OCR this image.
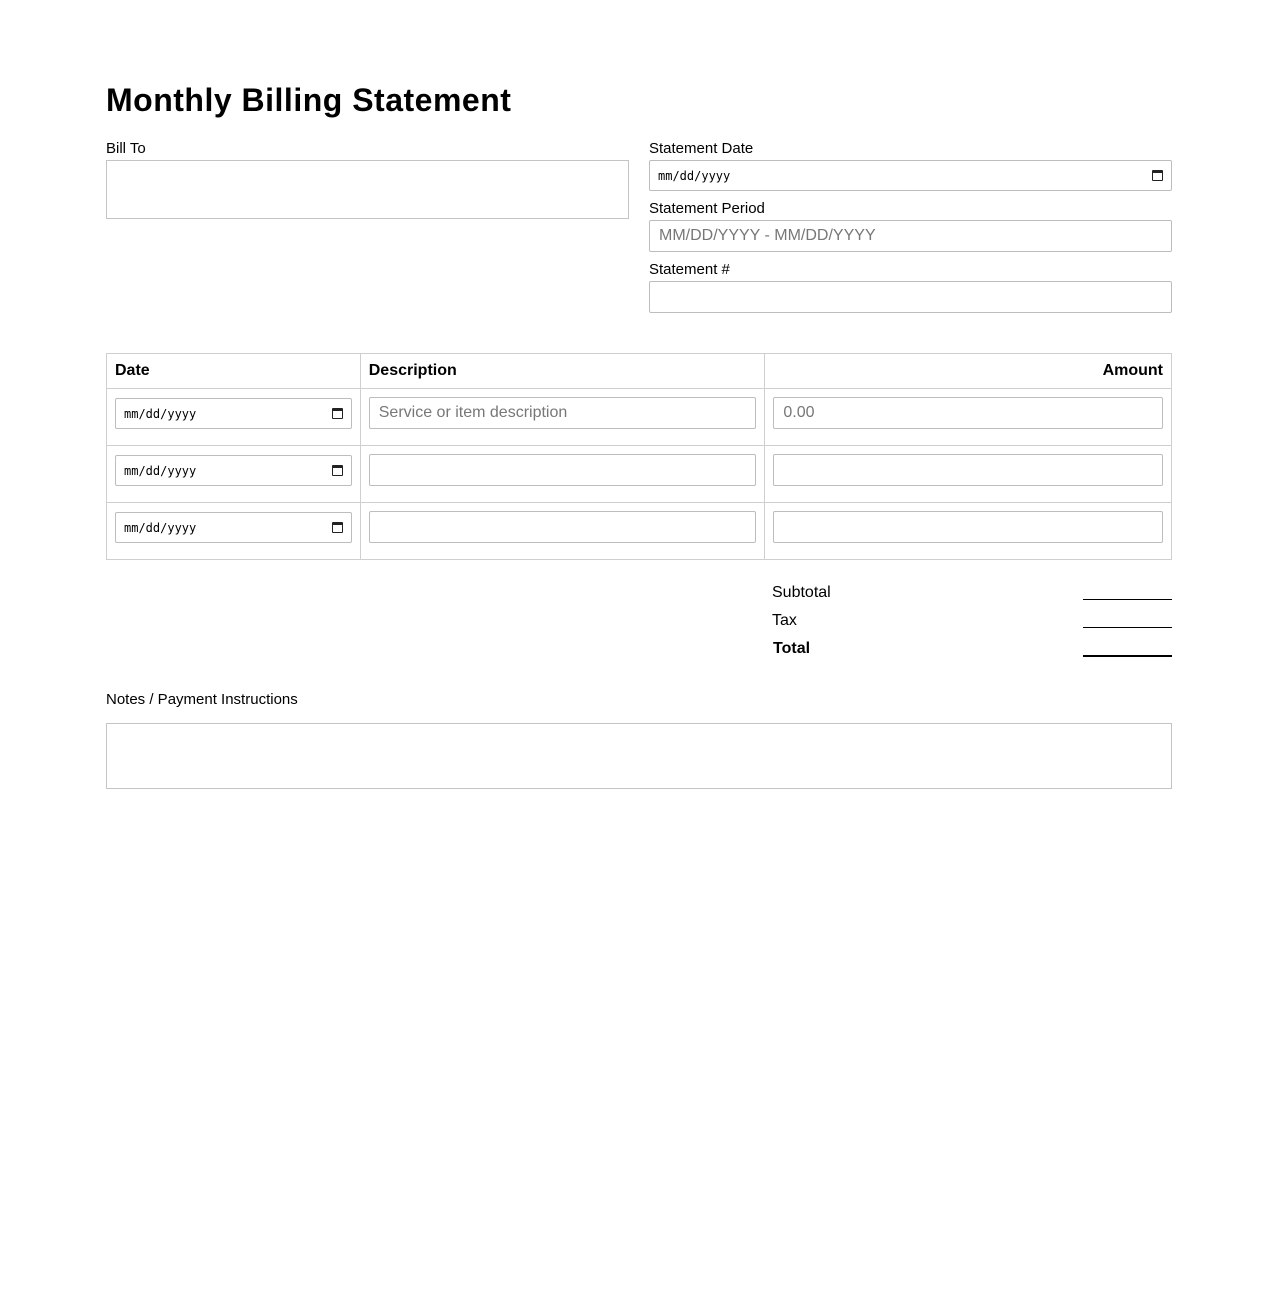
Monthly Billing Statement
Bill To	Statement Date
mm/dd/yyyy
Statement Period
MM/DD/YYYY - MM/DD/YYYY
Statement #
Date	Description	Amount

mm/dd/yyyy	Service or item description	0.00

mm/dd/yyyy		

mm/dd/yyyy		

Subtotal
Tax
Total
Notes / Payment Instructions
